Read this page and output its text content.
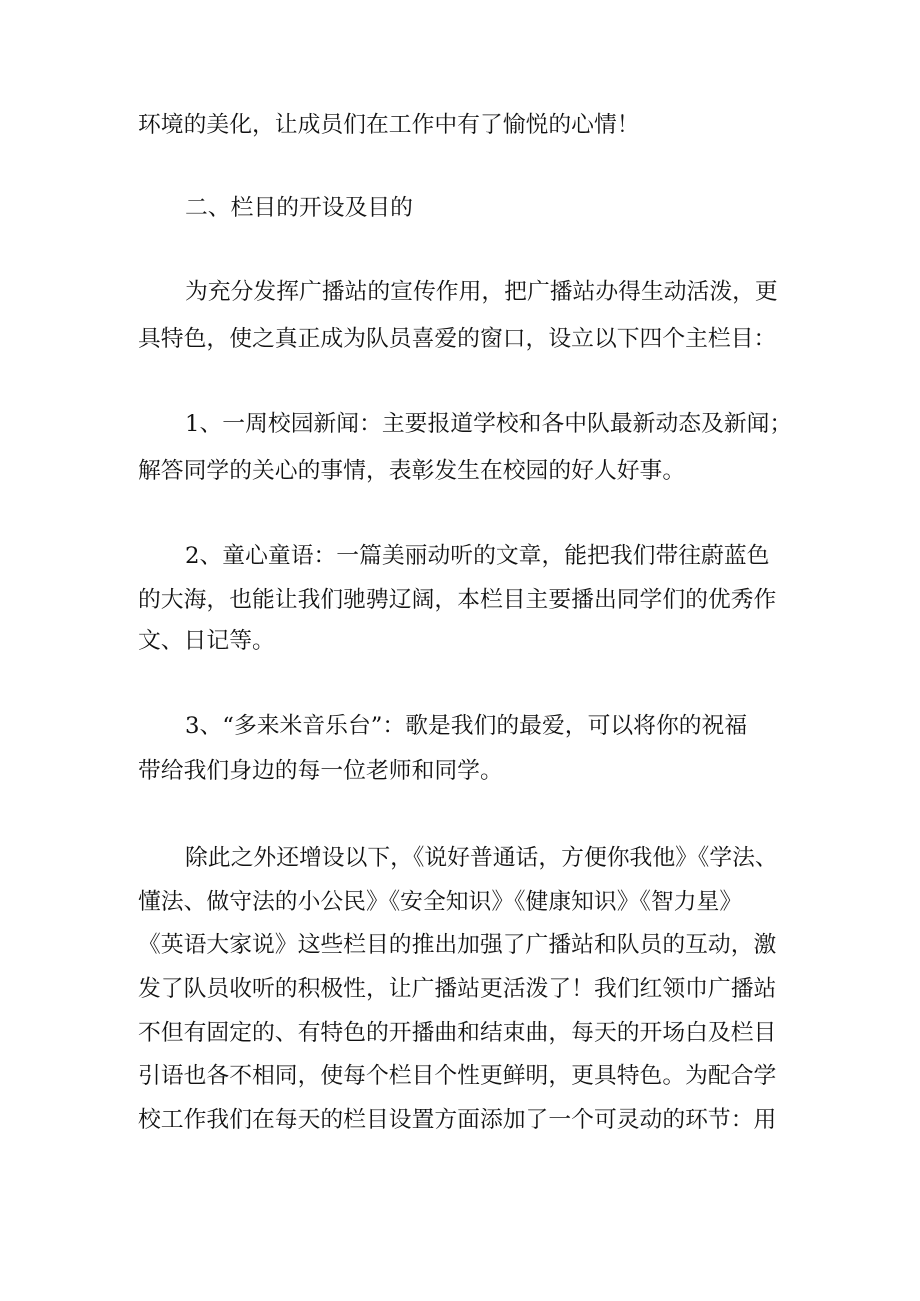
环境的美化，让成员们在工作中有了愉悦的心情！

二、栏目的开设及目的

为充分发挥广播站的宣传作用，把广播站办得生动活泼，更

具特色，使之真正成为队员喜爱的窗口，设立以下四个主栏目：

1、一周校园新闻：主要报道学校和各中队最新动态及新闻；

解答同学的关心的事情，表彰发生在校园的好人好事。

2、童心童语：一篇美丽动听的文章，能把我们带往蔚蓝色

的大海，也能让我们驰骋辽阔，本栏目主要播出同学们的优秀作

文、日记等。

3、“多来米音乐台”：歌是我们的最爱，可以将你的祝福

带给我们身边的每一位老师和同学。

除此之外还增设以下，《说好普通话，方便你我他》《学法、

懂法、做守法的小公民》《安全知识》《健康知识》《智力星》

《英语大家说》这些栏目的推出加强了广播站和队员的互动，激

发了队员收听的积极性，让广播站更活泼了！我们红领巾广播站

不但有固定的、有特色的开播曲和结束曲，每天的开场白及栏目

引语也各不相同，使每个栏目个性更鲜明，更具特色。为配合学

校工作我们在每天的栏目设置方面添加了一个可灵动的环节：用
